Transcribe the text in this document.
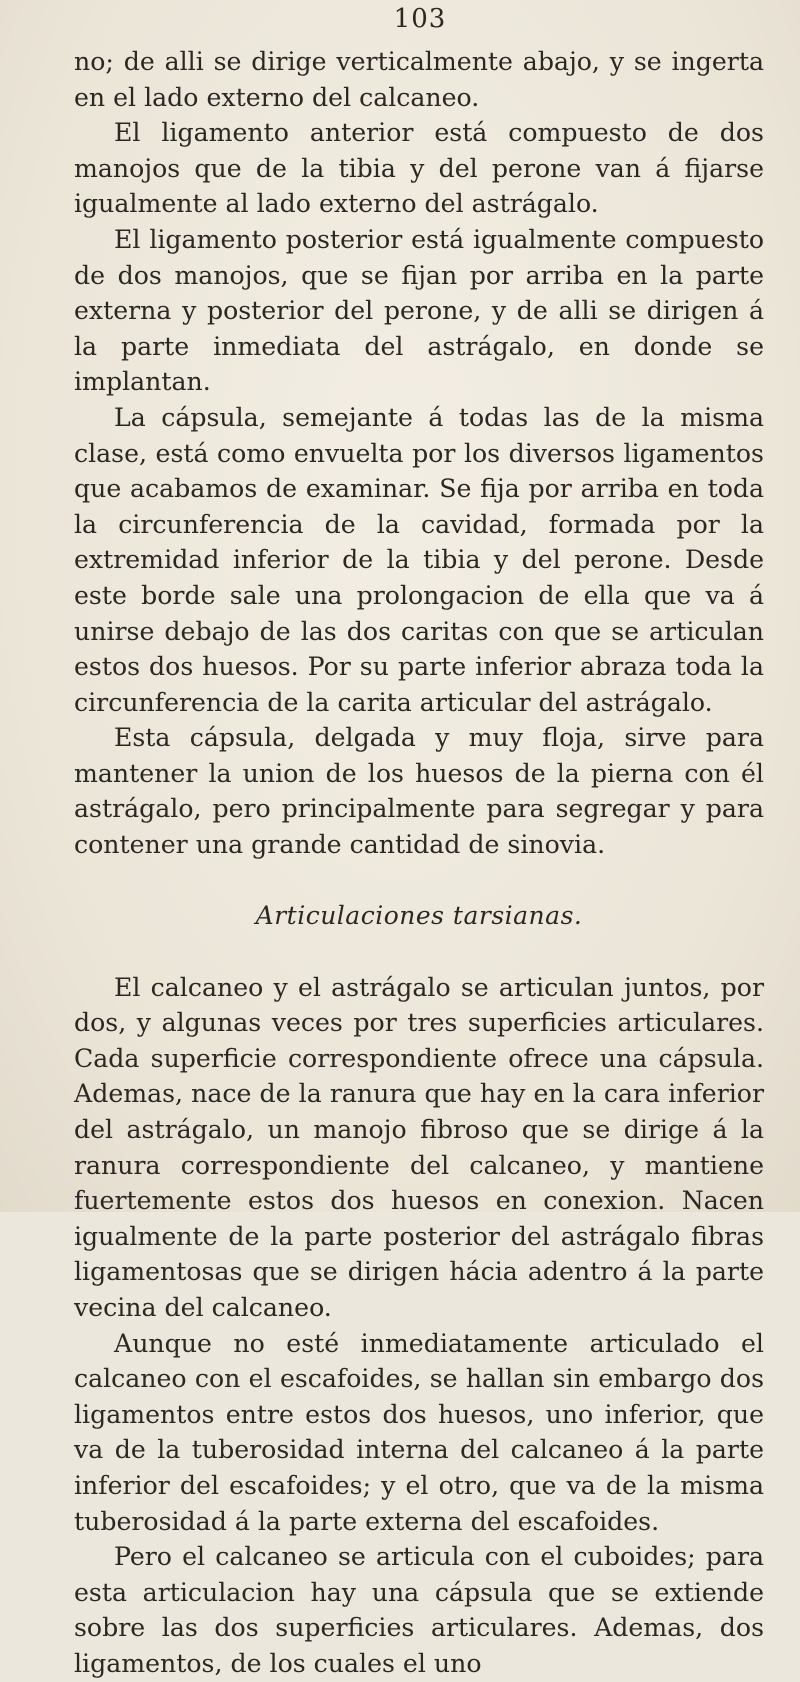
103

no; de alli se dirige verticalmente abajo, y se ingerta en el lado externo del calcaneo.

El ligamento anterior está compuesto de dos manojos que de la tibia y del perone van á fijarse igualmente al lado externo del astrágalo.

El ligamento posterior está igualmente compuesto de dos manojos, que se fijan por arriba en la parte externa y posterior del perone, y de alli se dirigen á la parte inmediata del astrágalo, en donde se implantan.

La cápsula, semejante á todas las de la misma clase, está como envuelta por los diversos ligamentos que acabamos de examinar. Se fija por arriba en toda la circunferencia de la cavidad, formada por la extremidad inferior de la tibia y del perone. Desde este borde sale una prolongacion de ella que va á unirse debajo de las dos caritas con que se articulan estos dos huesos. Por su parte inferior abraza toda la circunferencia de la carita articular del astrágalo.

Esta cápsula, delgada y muy floja, sirve para mantener la union de los huesos de la pierna con él astrágalo, pero principalmente para segregar y para contener una grande cantidad de sinovia.

Articulaciones tarsianas.

El calcaneo y el astrágalo se articulan juntos, por dos, y algunas veces por tres superficies articulares. Cada superficie correspondiente ofrece una cápsula. Ademas, nace de la ranura que hay en la cara inferior del astrágalo, un manojo fibroso que se dirige á la ranura correspondiente del calcaneo, y mantiene fuertemente estos dos huesos en conexion. Nacen igualmente de la parte posterior del astrágalo fibras ligamentosas que se dirigen hácia adentro á la parte vecina del calcaneo.

Aunque no esté inmediatamente articulado el calcaneo con el escafoides, se hallan sin embargo dos ligamentos entre estos dos huesos, uno inferior, que va de la tuberosidad interna del calcaneo á la parte inferior del escafoides; y el otro, que va de la misma tuberosidad á la parte externa del escafoides.

Pero el calcaneo se articula con el cuboides; para esta articulacion hay una cápsula que se extiende sobre las dos superficies articulares. Ademas, dos ligamentos, de los cuales el uno
